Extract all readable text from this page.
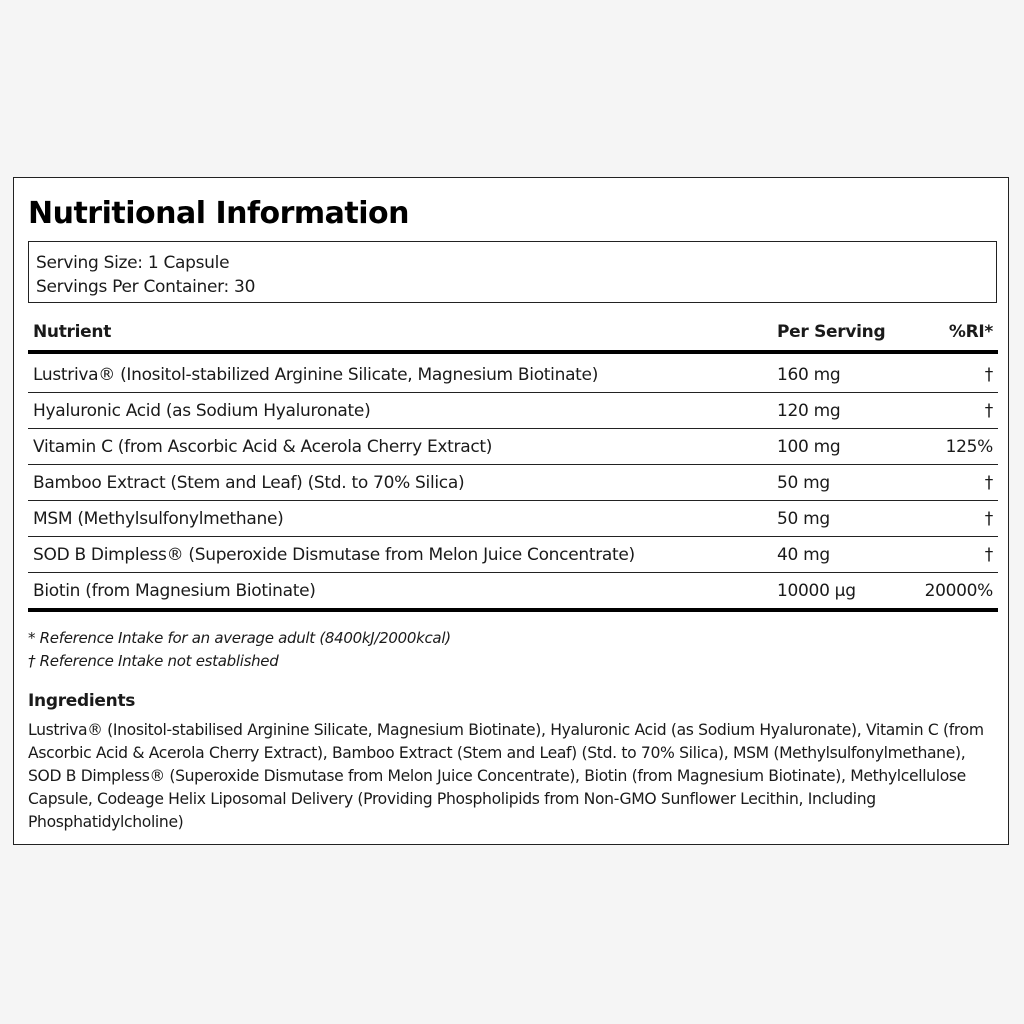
Nutritional Information
Serving Size: 1 Capsule
Servings Per Container: 30
Nutrient	Per Serving	%RI*
Lustriva® (Inositol-stabilized Arginine Silicate, Magnesium Biotinate)	160 mg	†
Hyaluronic Acid (as Sodium Hyaluronate)	120 mg	†
Vitamin C (from Ascorbic Acid & Acerola Cherry Extract)	100 mg	125%
Bamboo Extract (Stem and Leaf) (Std. to 70% Silica)	50 mg	†
MSM (Methylsulfonylmethane)	50 mg	†
SOD B Dimpless® (Superoxide Dismutase from Melon Juice Concentrate)	40 mg	†
Biotin (from Magnesium Biotinate)	10000 µg	20000%
* Reference Intake for an average adult (8400kJ/2000kcal)
† Reference Intake not established
Ingredients

Lustriva® (Inositol-stabilised Arginine Silicate, Magnesium Biotinate), Hyaluronic Acid (as Sodium Hyaluronate), Vitamin C (from Ascorbic Acid & Acerola Cherry Extract), Bamboo Extract (Stem and Leaf) (Std. to 70% Silica), MSM (Methylsulfonylmethane), SOD B Dimpless® (Superoxide Dismutase from Melon Juice Concentrate), Biotin (from Magnesium Biotinate), Methylcellulose Capsule, Codeage Helix Liposomal Delivery (Providing Phospholipids from Non-GMO Sunflower Lecithin, Including Phosphatidylcholine)
